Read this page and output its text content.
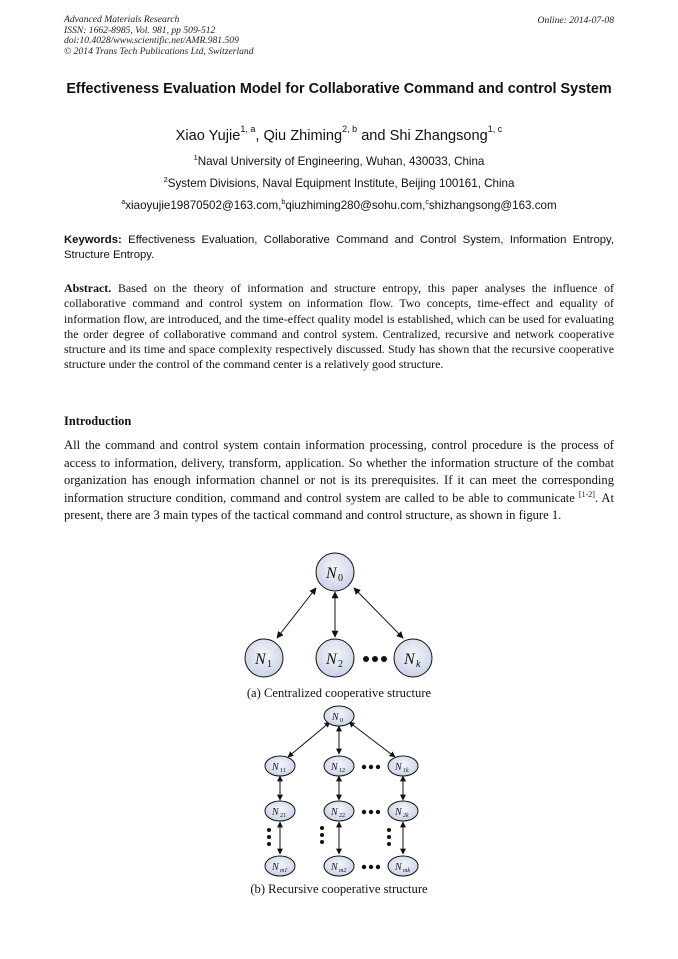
Advanced Materials Research
ISSN: 1662-8985, Vol. 981, pp 509-512
doi:10.4028/www.scientific.net/AMR.981.509
© 2014 Trans Tech Publications Ltd, Switzerland
Online: 2014-07-08
Effectiveness Evaluation Model for Collaborative Command and control System
Xiao Yujie$^{1, a}$, Qiu Zhiming$^{2, b}$ and Shi Zhangsong$^{1, c}$
$^1$Naval University of Engineering, Wuhan, 430033, China
$^2$System Divisions, Naval Equipment Institute, Beijing 100161, China
$^a$xiaoyujie19870502@163.com,$^b$qiuzhiming280@sohu.com,$^c$shizhangsong@163.com
Keywords: Effectiveness Evaluation, Collaborative Command and Control System, Information Entropy, Structure Entropy.
Abstract. Based on the theory of information and structure entropy, this paper analyses the influence of collaborative command and control system on information flow. Two concepts, time-effect and equality of information flow, are introduced, and the time-effect quality model is established, which can be used for evaluating the order degree of collaborative command and control system. Centralized, recursive and network cooperative structure and its time and space complexity respectively discussed. Study has shown that the recursive cooperative structure under the control of the command center is a relatively good structure.
Introduction
All the command and control system contain information processing, control procedure is the process of access to information, delivery, transform, application. So whether the information structure of the combat organization has enough information channel or not is its prerequisites. If it can meet the corresponding information structure condition, command and control system are called to be able to communicate [1-2]. At present, there are 3 main types of the tactical command and control structure, as shown in figure 1.
N 0
N 1	N 2	N k
(a) Centralized cooperative structure
N 0
N 11	N 12	N 1k
N 21	N 22	N 2k
N m1	N m2	N mk
(b) Recursive cooperative structure
